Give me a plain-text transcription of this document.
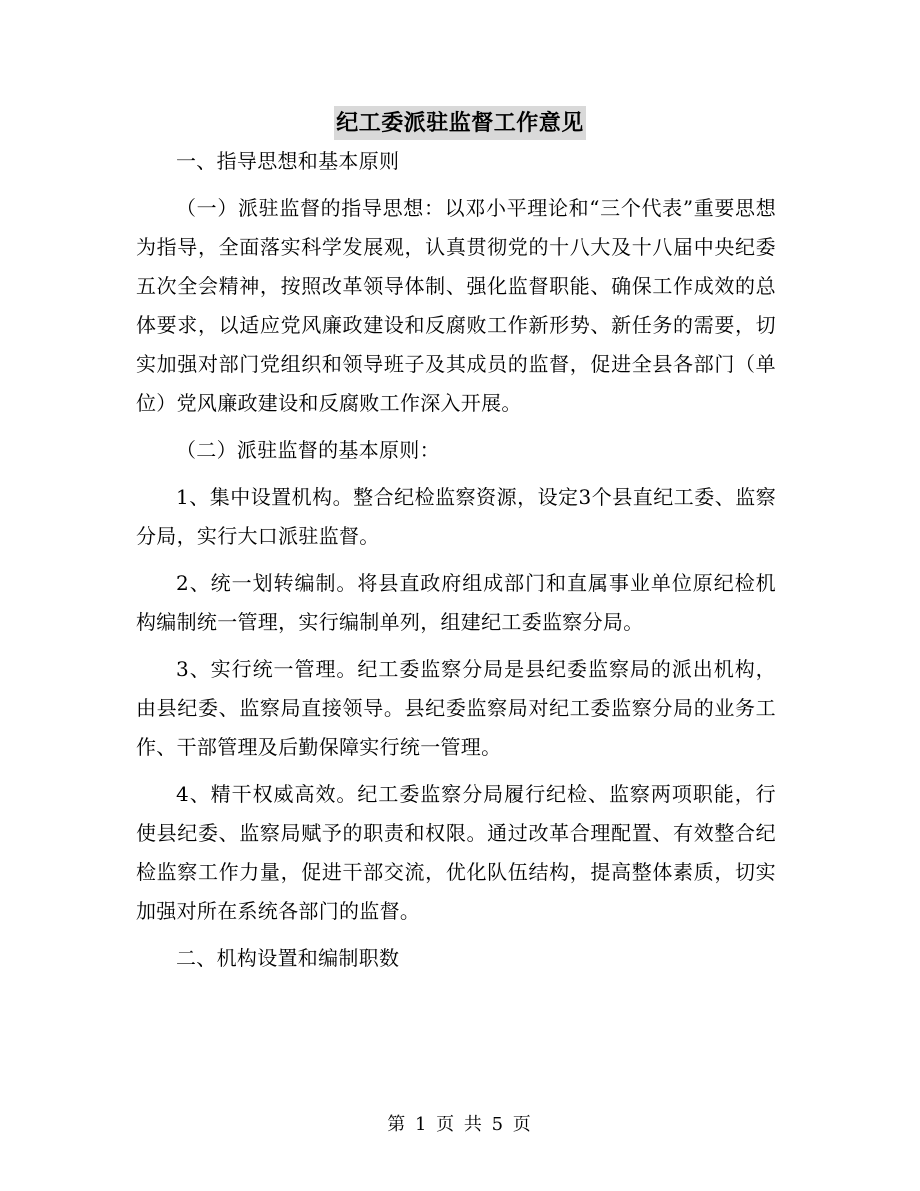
纪工委派驻监督工作意见

一、指导思想和基本原则

（一）派驻监督的指导思想：以邓小平理论和“三个代表”重要思想为指导，全面落实科学发展观，认真贯彻党的十八大及十八届中央纪委五次全会精神，按照改革领导体制、强化监督职能、确保工作成效的总体要求，以适应党风廉政建设和反腐败工作新形势、新任务的需要，切实加强对部门党组织和领导班子及其成员的监督，促进全县各部门（单位）党风廉政建设和反腐败工作深入开展。

（二）派驻监督的基本原则：

1、集中设置机构。整合纪检监察资源，设定3个县直纪工委、监察分局，实行大口派驻监督。

2、统一划转编制。将县直政府组成部门和直属事业单位原纪检机构编制统一管理，实行编制单列，组建纪工委监察分局。

3、实行统一管理。纪工委监察分局是县纪委监察局的派出机构，由县纪委、监察局直接领导。县纪委监察局对纪工委监察分局的业务工作、干部管理及后勤保障实行统一管理。

4、精干权威高效。纪工委监察分局履行纪检、监察两项职能，行使县纪委、监察局赋予的职责和权限。通过改革合理配置、有效整合纪检监察工作力量，促进干部交流，优化队伍结构，提高整体素质，切实加强对所在系统各部门的监督。

二、机构设置和编制职数

第 1 页 共 5 页
